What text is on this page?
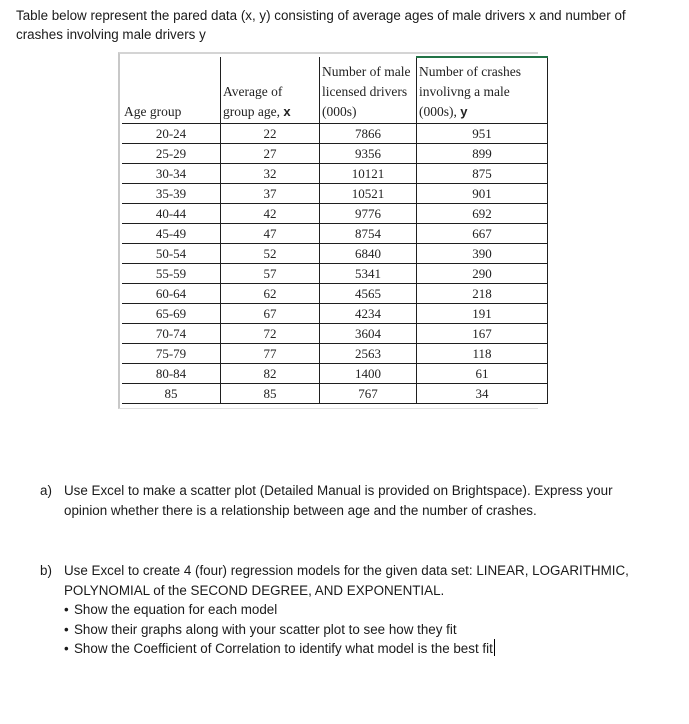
Table below represent the pared data (x, y) consisting of average ages of male drivers x and number of crashes involving male drivers y
Age group	Average of group age, x	Number of male licensed drivers (000s)	Number of crashes involivng a male (000s), y
20-24	22	7866	951
25-29	27	9356	899
30-34	32	10121	875
35-39	37	10521	901
40-44	42	9776	692
45-49	47	8754	667
50-54	52	6840	390
55-59	57	5341	290
60-64	62	4565	218
65-69	67	4234	191
70-74	72	3604	167
75-79	77	2563	118
80-84	82	1400	61
85	85	767	34
a) Use Excel to make a scatter plot (Detailed Manual is provided on Brightspace). Express your opinion whether there is a relationship between age and the number of crashes.
b) Use Excel to create 4 (four) regression models for the given data set: LINEAR, LOGARITHMIC, POLYNOMIAL of the SECOND DEGREE, AND EXPONENTIAL.
• Show the equation for each model
• Show their graphs along with your scatter plot to see how they fit
• Show the Coefficient of Correlation to identify what model is the best fit
